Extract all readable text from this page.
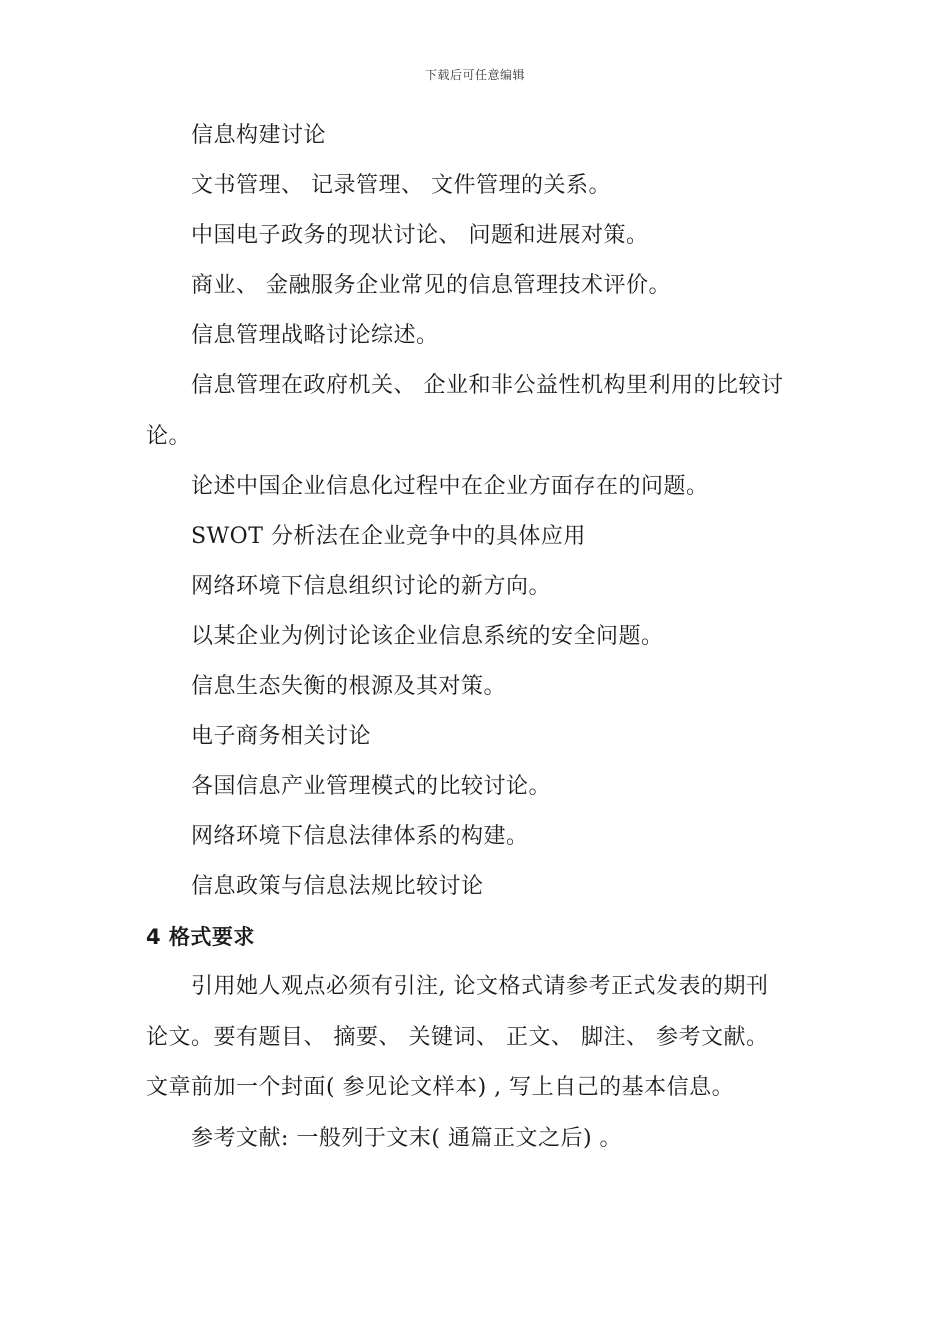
下载后可任意编辑
信息构建讨论
文书管理、 记录管理、 文件管理的关系。
中国电子政务的现状讨论、 问题和进展对策。
商业、 金融服务企业常见的信息管理技术评价。
信息管理战略讨论综述。
信息管理在政府机关、 企业和非公益性机构里利用的比较讨
论。
论述中国企业信息化过程中在企业方面存在的问题。
SWOT 分析法在企业竞争中的具体应用
网络环境下信息组织讨论的新方向。
以某企业为例讨论该企业信息系统的安全问题。
信息生态失衡的根源及其对策。
电子商务相关讨论
各国信息产业管理模式的比较讨论。
网络环境下信息法律体系的构建。
信息政策与信息法规比较讨论
4 格式要求
引用她人观点必须有引注, 论文格式请参考正式发表的期刊
论文。要有题目、 摘要、 关键词、 正文、 脚注、 参考文献。
文章前加一个封面( 参见论文样本) , 写上自己的基本信息。
参考文献: 一般列于文末( 通篇正文之后) 。
